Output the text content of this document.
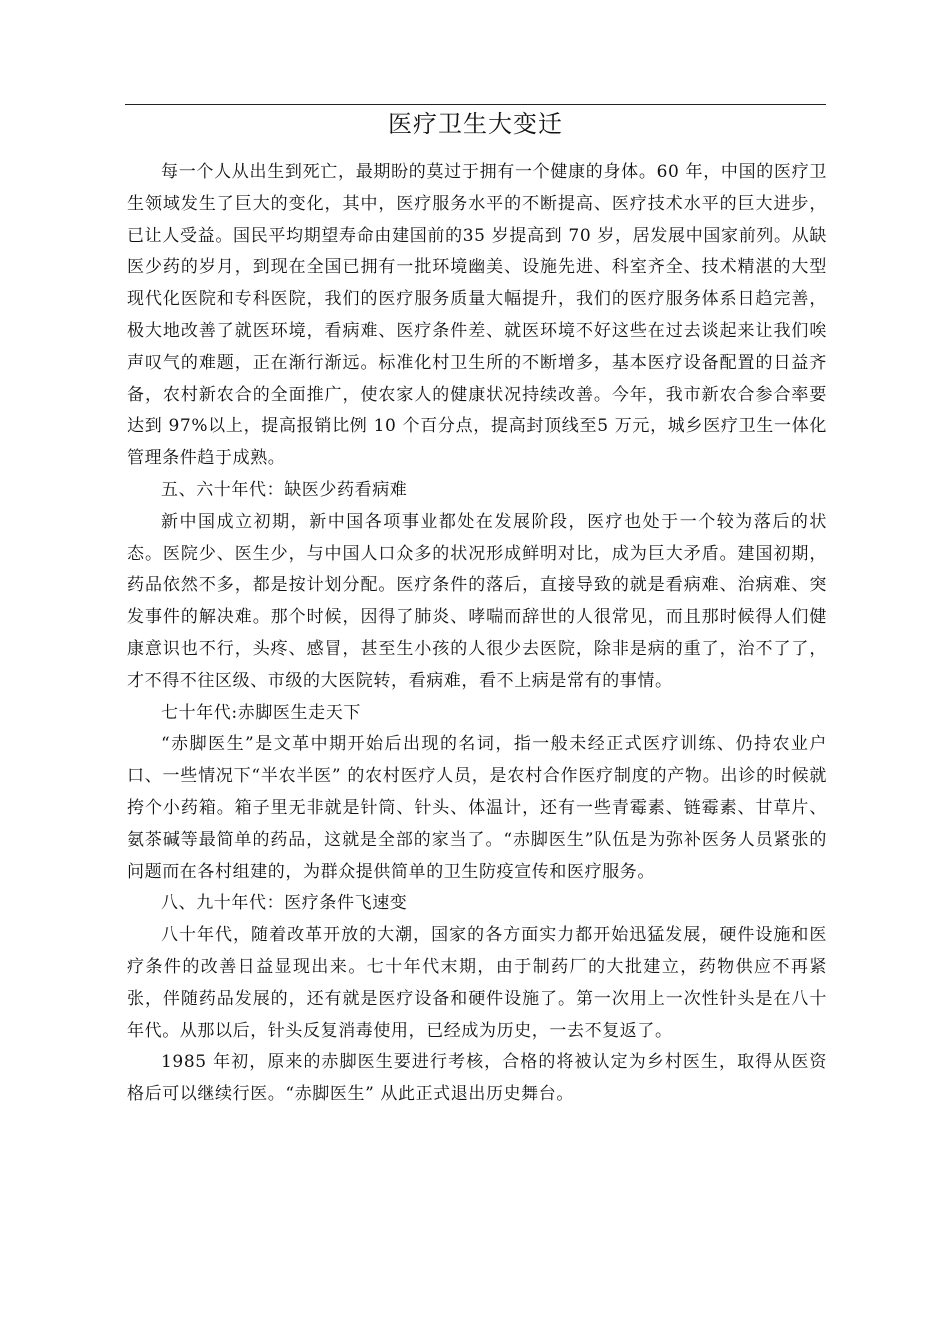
医疗卫生大变迁

每一个人从出生到死亡，最期盼的莫过于拥有一个健康的身体。60 年，中国的医疗卫生领域发生了巨大的变化，其中，医疗服务水平的不断提高、医疗技术水平的巨大进步，已让人受益。国民平均期望寿命由建国前的35 岁提高到 70 岁，居发展中国家前列。从缺医少药的岁月，到现在全国已拥有一批环境幽美、设施先进、科室齐全、技术精湛的大型现代化医院和专科医院，我们的医疗服务质量大幅提升，我们的医疗服务体系日趋完善，极大地改善了就医环境，看病难、医疗条件差、就医环境不好这些在过去谈起来让我们唉声叹气的难题，正在渐行渐远。标准化村卫生所的不断增多，基本医疗设备配置的日益齐备，农村新农合的全面推广，使农家人的健康状况持续改善。今年，我市新农合参合率要达到 97%以上，提高报销比例 10 个百分点，提高封顶线至5 万元，城乡医疗卫生一体化管理条件趋于成熟。

五、六十年代：缺医少药看病难

新中国成立初期，新中国各项事业都处在发展阶段，医疗也处于一个较为落后的状态。医院少、医生少，与中国人口众多的状况形成鲜明对比，成为巨大矛盾。建国初期，药品依然不多，都是按计划分配。医疗条件的落后，直接导致的就是看病难、治病难、突发事件的解决难。那个时候，因得了肺炎、哮喘而辞世的人很常见，而且那时候得人们健康意识也不行，头疼、感冒，甚至生小孩的人很少去医院，除非是病的重了，治不了了，才不得不往区级、市级的大医院转，看病难，看不上病是常有的事情。

七十年代:赤脚医生走天下

“赤脚医生”是文革中期开始后出现的名词，指一般未经正式医疗训练、仍持农业户口、一些情况下“半农半医” 的农村医疗人员，是农村合作医疗制度的产物。出诊的时候就挎个小药箱。箱子里无非就是针筒、针头、体温计，还有一些青霉素、链霉素、甘草片、氨茶碱等最简单的药品，这就是全部的家当了。“赤脚医生”队伍是为弥补医务人员紧张的问题而在各村组建的，为群众提供简单的卫生防疫宣传和医疗服务。

八、九十年代：医疗条件飞速变

八十年代，随着改革开放的大潮，国家的各方面实力都开始迅猛发展，硬件设施和医疗条件的改善日益显现出来。七十年代末期，由于制药厂的大批建立，药物供应不再紧张，伴随药品发展的，还有就是医疗设备和硬件设施了。第一次用上一次性针头是在八十年代。从那以后，针头反复消毒使用，已经成为历史，一去不复返了。

1985 年初，原来的赤脚医生要进行考核，合格的将被认定为乡村医生，取得从医资格后可以继续行医。“赤脚医生” 从此正式退出历史舞台。
